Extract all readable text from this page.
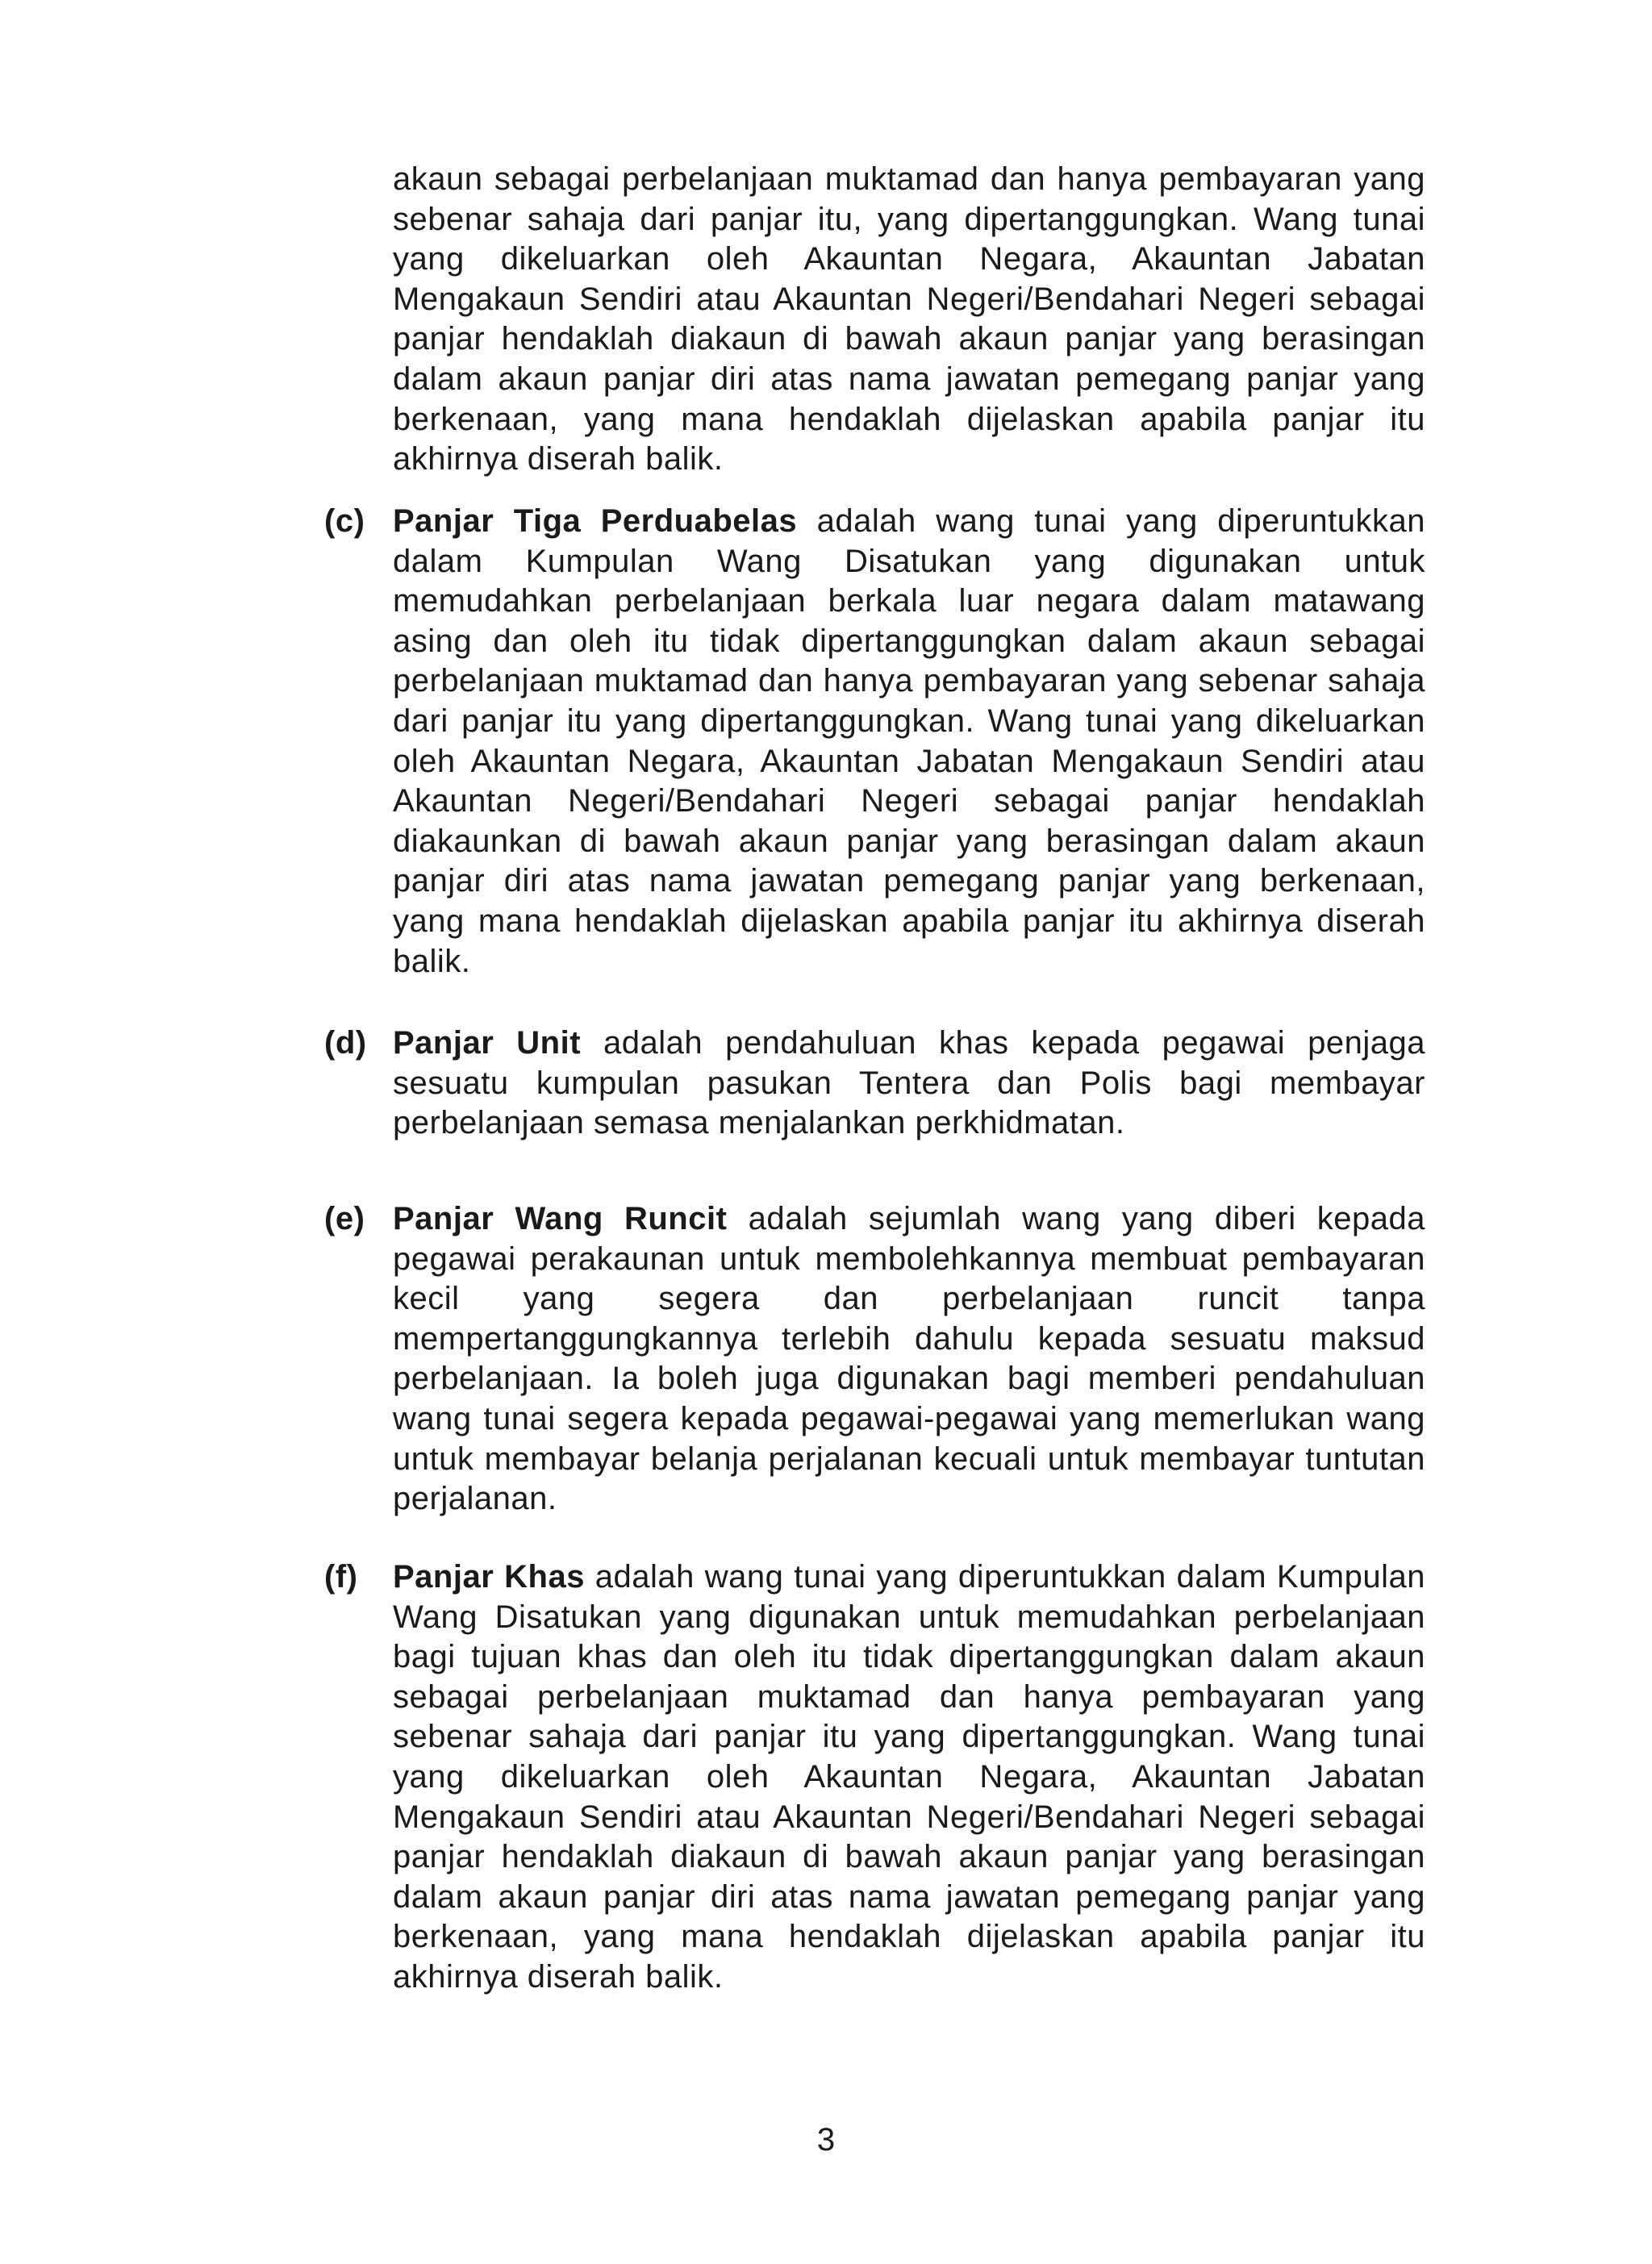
akaun sebagai perbelanjaan muktamad dan hanya pembayaran yang sebenar sahaja dari panjar itu, yang dipertanggungkan. Wang tunai yang dikeluarkan oleh Akauntan Negara, Akauntan Jabatan Mengakaun Sendiri atau Akauntan Negeri/Bendahari Negeri sebagai panjar hendaklah diakaun di bawah akaun panjar yang berasingan dalam akaun panjar diri atas nama jawatan pemegang panjar yang berkenaan, yang mana hendaklah dijelaskan apabila panjar itu akhirnya diserah balik.

(c) Panjar Tiga Perduabelas adalah wang tunai yang diperuntukkan dalam Kumpulan Wang Disatukan yang digunakan untuk memudahkan perbelanjaan berkala luar negara dalam matawang asing dan oleh itu tidak dipertanggungkan dalam akaun sebagai perbelanjaan muktamad dan hanya pembayaran yang sebenar sahaja dari panjar itu yang dipertanggungkan. Wang tunai yang dikeluarkan oleh Akauntan Negara, Akauntan Jabatan Mengakaun Sendiri atau Akauntan Negeri/Bendahari Negeri sebagai panjar hendaklah diakaunkan di bawah akaun panjar yang berasingan dalam akaun panjar diri atas nama jawatan pemegang panjar yang berkenaan, yang mana hendaklah dijelaskan apabila panjar itu akhirnya diserah balik.
(d) Panjar Unit adalah pendahuluan khas kepada pegawai penjaga sesuatu kumpulan pasukan Tentera dan Polis bagi membayar perbelanjaan semasa menjalankan perkhidmatan.
(e) Panjar Wang Runcit adalah sejumlah wang yang diberi kepada pegawai perakaunan untuk membolehkannya membuat pembayaran kecil yang segera dan perbelanjaan runcit tanpa mempertanggungkannya terlebih dahulu kepada sesuatu maksud perbelanjaan. Ia boleh juga digunakan bagi memberi pendahuluan wang tunai segera kepada pegawai-pegawai yang memerlukan wang untuk membayar belanja perjalanan kecuali untuk membayar tuntutan perjalanan.
(f)	Panjar Khas adalah wang tunai yang diperuntukkan dalam Kumpulan Wang Disatukan yang digunakan untuk memudahkan perbelanjaan bagi tujuan khas dan oleh itu tidak dipertanggungkan dalam akaun sebagai perbelanjaan muktamad dan hanya pembayaran yang sebenar sahaja dari panjar itu yang dipertanggungkan. Wang tunai yang dikeluarkan oleh Akauntan Negara, Akauntan Jabatan Mengakaun Sendiri atau Akauntan Negeri/Bendahari Negeri sebagai panjar hendaklah diakaun di bawah akaun panjar yang berasingan dalam akaun panjar diri atas nama jawatan pemegang panjar yang berkenaan, yang mana hendaklah dijelaskan apabila panjar itu akhirnya diserah balik.
3
